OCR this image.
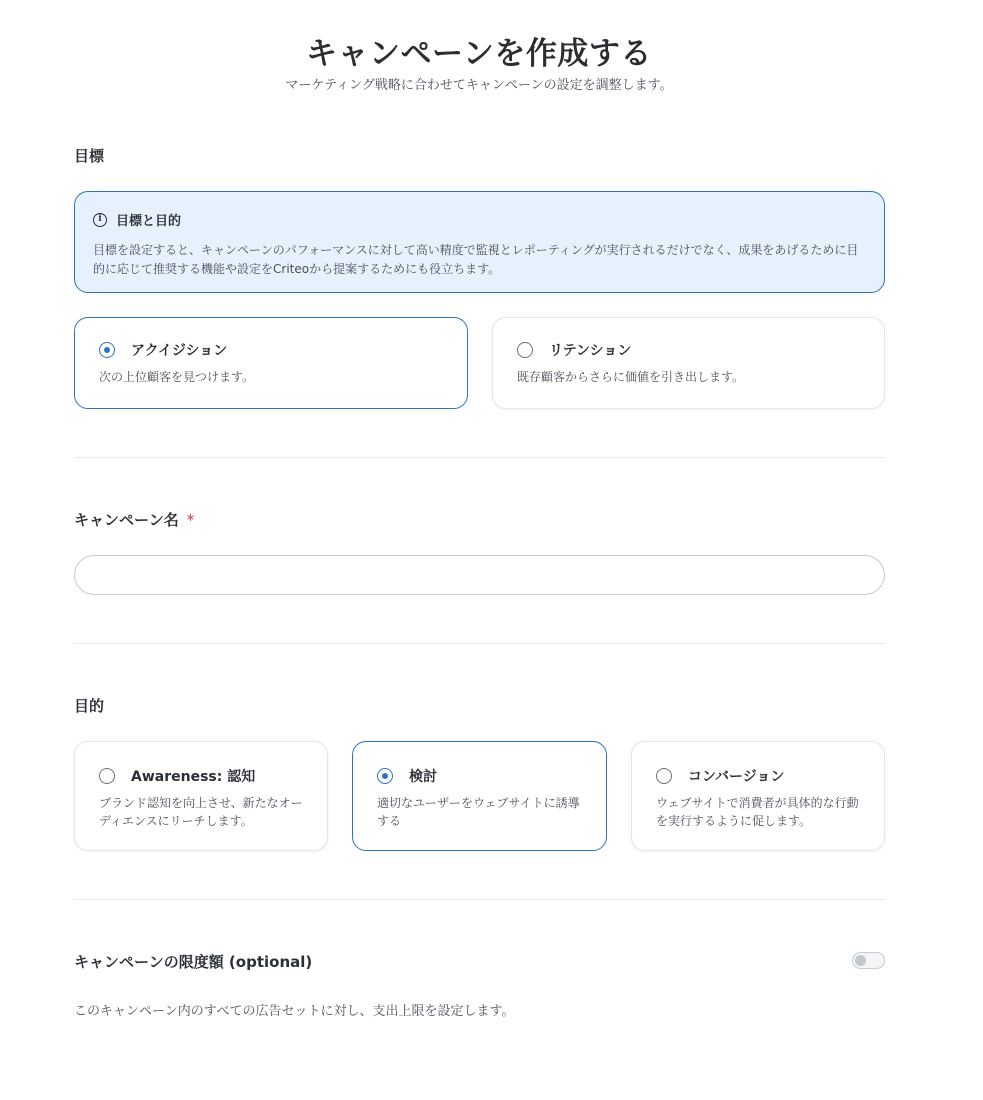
キャンペーンを作成する
マーケティング戦略に合わせてキャンペーンの設定を調整します。
目標
i	目標と目的
目標を設定すると、キャンペーンのパフォーマンスに対して高い精度で監視とレポーティングが実行されるだけでなく、成果をあげるために目的に応じて推奨する機能や設定をCriteoから提案するためにも役立ちます。
アクイジション
次の上位顧客を見つけます。
リテンション
既存顧客からさらに価値を引き出します。
キャンペーン名 *
目的
Awareness: 認知
ブランド認知を向上させ、新たなオーディエンスにリーチします。
検討
適切なユーザーをウェブサイトに誘導する
コンバージョン
ウェブサイトで消費者が具体的な行動を実行するように促します。
キャンペーンの限度額 (optional)
このキャンペーン内のすべての広告セットに対し、支出上限を設定します。
